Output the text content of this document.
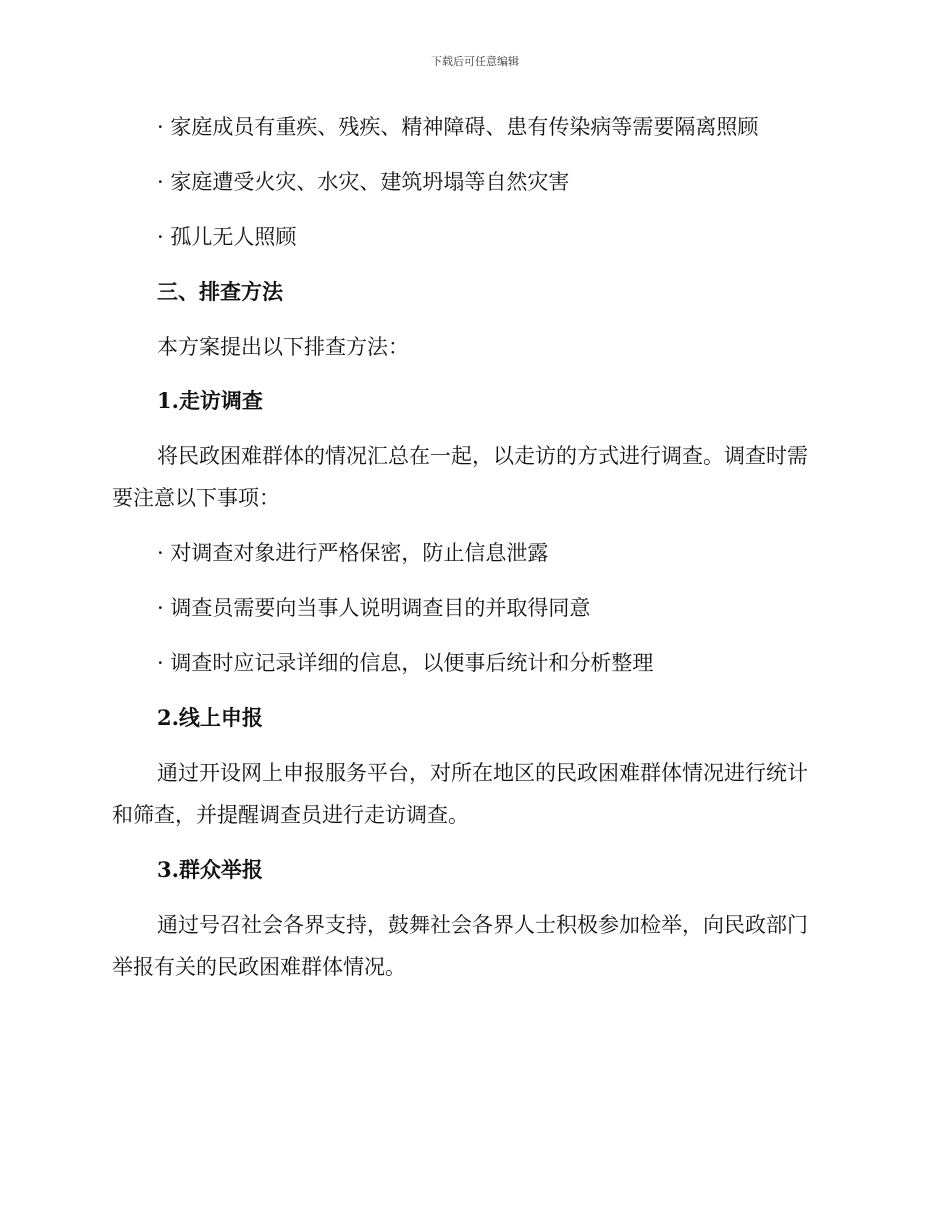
下载后可任意编辑
· 家庭成员有重疾、残疾、精神障碍、患有传染病等需要隔离照顾
· 家庭遭受火灾、水灾、建筑坍塌等自然灾害
· 孤儿无人照顾
三、排查方法
本方案提出以下排查方法：
1.走访调查
将民政困难群体的情况汇总在一起，以走访的方式进行调查。调查时需
要注意以下事项：
· 对调查对象进行严格保密，防止信息泄露
· 调查员需要向当事人说明调查目的并取得同意
· 调查时应记录详细的信息，以便事后统计和分析整理
2.线上申报
通过开设网上申报服务平台，对所在地区的民政困难群体情况进行统计
和筛查，并提醒调查员进行走访调查。
3.群众举报
通过号召社会各界支持，鼓舞社会各界人士积极参加检举，向民政部门
举报有关的民政困难群体情况。
